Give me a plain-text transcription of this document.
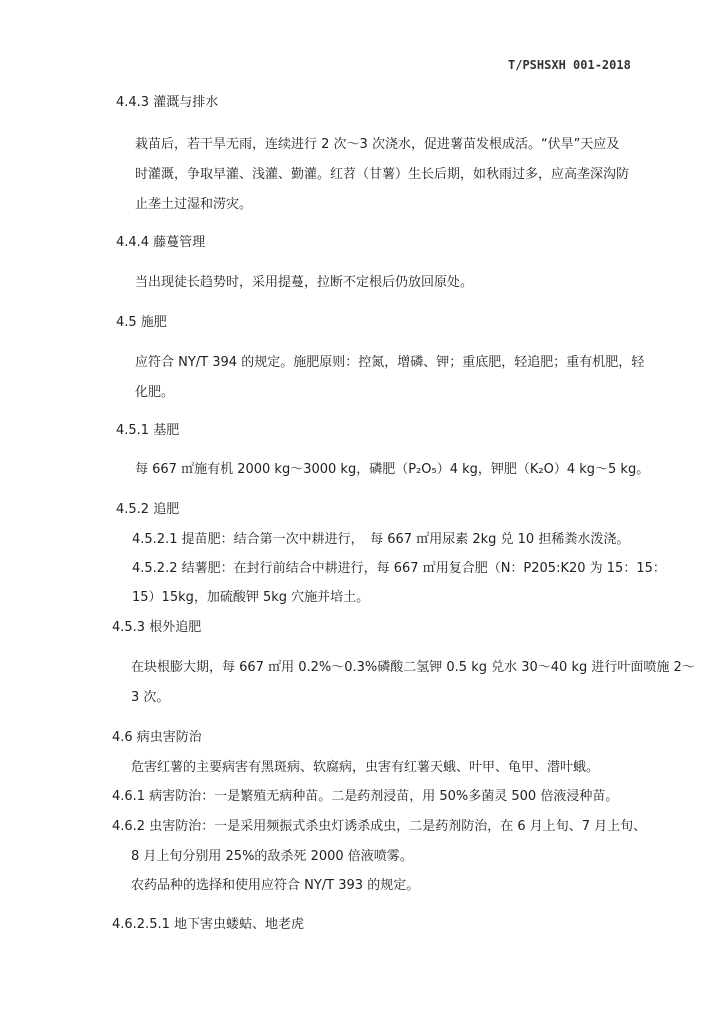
T/PSHSXH 001-2018
4.4.3 灌溉与排水
栽苗后，若干旱无雨，连续进行 2 次～3 次浇水，促进薯苗发根成活。“伏旱”天应及
时灌溉，争取早灌、浅灌、勤灌。红苕（甘薯）生长后期，如秋雨过多，应高垄深沟防
止垄土过湿和涝灾。
4.4.4 藤蔓管理
当出现徒长趋势时，采用提蔓，拉断不定根后仍放回原处。
4.5 施肥
应符合 NY/T 394 的规定。施肥原则：控氮，增磷、钾；重底肥，轻追肥；重有机肥，轻
化肥。
4.5.1 基肥
每 667 ㎡施有机 2000 kg～3000 kg，磷肥（P₂O₅）4 kg，钾肥（K₂O）4 kg～5 kg。
4.5.2 追肥
4.5.2.1 提苗肥：结合第一次中耕进行，　每 667 ㎡用尿素 2kg 兑 10 担稀粪水泼浇。
4.5.2.2 结薯肥：在封行前结合中耕进行，每 667 ㎡用复合肥（N：P205:K20 为 15：15：
15）15kg，加硫酸钾 5kg 穴施并培土。
4.5.3 根外追肥
在块根膨大期，每 667 ㎡用 0.2%～0.3%磷酸二氢钾 0.5 kg 兑水 30～40 kg 进行叶面喷施 2～
3 次。
4.6 病虫害防治
危害红薯的主要病害有黑斑病、软腐病，虫害有红薯天蛾、叶甲、龟甲、潜叶蛾。
4.6.1 病害防治：一是繁殖无病种苗。二是药剂浸苗，用 50%多菌灵 500 倍液浸种苗。
4.6.2 虫害防治：一是采用频振式杀虫灯诱杀成虫，二是药剂防治，在 6 月上旬、7 月上旬、
8 月上旬分别用 25%的敌杀死 2000 倍液喷雾。
农药品种的选择和使用应符合 NY/T 393 的规定。
4.6.2.5.1 地下害虫蝼蛄、地老虎
